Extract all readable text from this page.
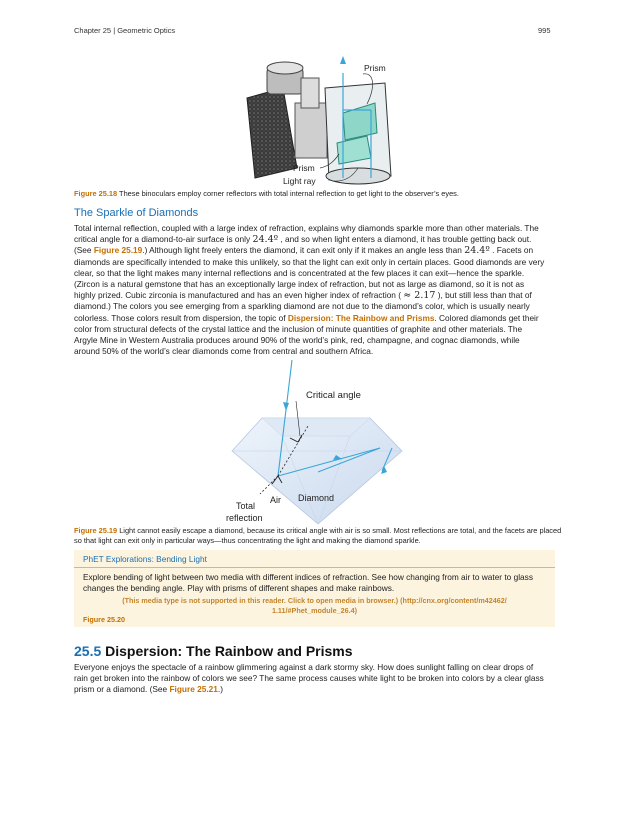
Chapter 25 | Geometric Optics	995
Prism
Prism
Light ray
Figure 25.18 These binoculars employ corner reflectors with total internal reflection to get light to the observer’s eyes.
The Sparkle of Diamonds
Total internal reflection, coupled with a large index of refraction, explains why diamonds sparkle more than other materials. The
critical angle for a diamond-to-air surface is only 24.4º , and so when light enters a diamond, it has trouble getting back out.
(See Figure 25.19.) Although light freely enters the diamond, it can exit only if it makes an angle less than 24.4º . Facets on
diamonds are specifically intended to make this unlikely, so that the light can exit only in certain places. Good diamonds are very
clear, so that the light makes many internal reflections and is concentrated at the few places it can exit—hence the sparkle.
(Zircon is a natural gemstone that has an exceptionally large index of refraction, but not as large as diamond, so it is not as
highly prized. Cubic zirconia is manufactured and has an even higher index of refraction ( ≈ 2.17 ), but still less than that of
diamond.) The colors you see emerging from a sparkling diamond are not due to the diamond’s color, which is usually nearly
colorless. Those colors result from dispersion, the topic of Dispersion: The Rainbow and Prisms. Colored diamonds get their
color from structural defects of the crystal lattice and the inclusion of minute quantities of graphite and other materials. The
Argyle Mine in Western Australia produces around 90% of the world’s pink, red, champagne, and cognac diamonds, while
around 50% of the world’s clear diamonds come from central and southern Africa.
Critical angle
Air Diamond
Total
reflection
Figure 25.19 Light cannot easily escape a diamond, because its critical angle with air is so small. Most reflections are total, and the facets are placed
so that light can exit only in particular ways—thus concentrating the light and making the diamond sparkle.
PhET Explorations: Bending Light
Explore bending of light between two media with different indices of refraction. See how changing from air to water to glass changes the bending angle. Play with prisms of different shapes and make rainbows.
(This media type is not supported in this reader. Click to open media in browser.) (http://cnx.org/content/m42462/
1.11/#Phet_module_26.4)
Figure 25.20
25.5 Dispersion: The Rainbow and Prisms
Everyone enjoys the spectacle of a rainbow glimmering against a dark stormy sky. How does sunlight falling on clear drops of
rain get broken into the rainbow of colors we see? The same process causes white light to be broken into colors by a clear glass
prism or a diamond. (See Figure 25.21.)
